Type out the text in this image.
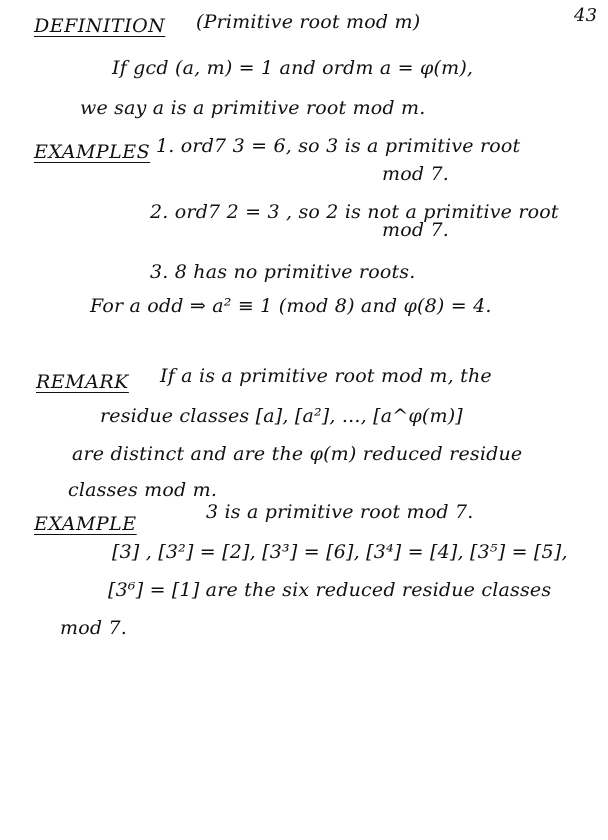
43
DEFINITION (Primitive root mod m)
If gcd (a, m) = 1 and ordm a = φ(m),
we say a is a primitive root mod m.
EXAMPLES 1. ord7 3 = 6, so 3 is a primitive root
mod 7.
2. ord7 2 = 3 , so 2 is not a primitive root
mod 7.
3. 8 has no primitive roots.
For a odd ⇒ a² ≡ 1 (mod 8) and φ(8) = 4.
REMARK If a is a primitive root mod m, the
residue classes [a], [a²], ..., [a^φ(m)]
are distinct and are the φ(m) reduced residue
classes mod m.
EXAMPLE
3 is a primitive root mod 7.
[3] , [3²] = [2], [3³] = [6], [3⁴] = [4], [3⁵] = [5],
[3⁶] = [1] are the six reduced residue classes
mod 7.
